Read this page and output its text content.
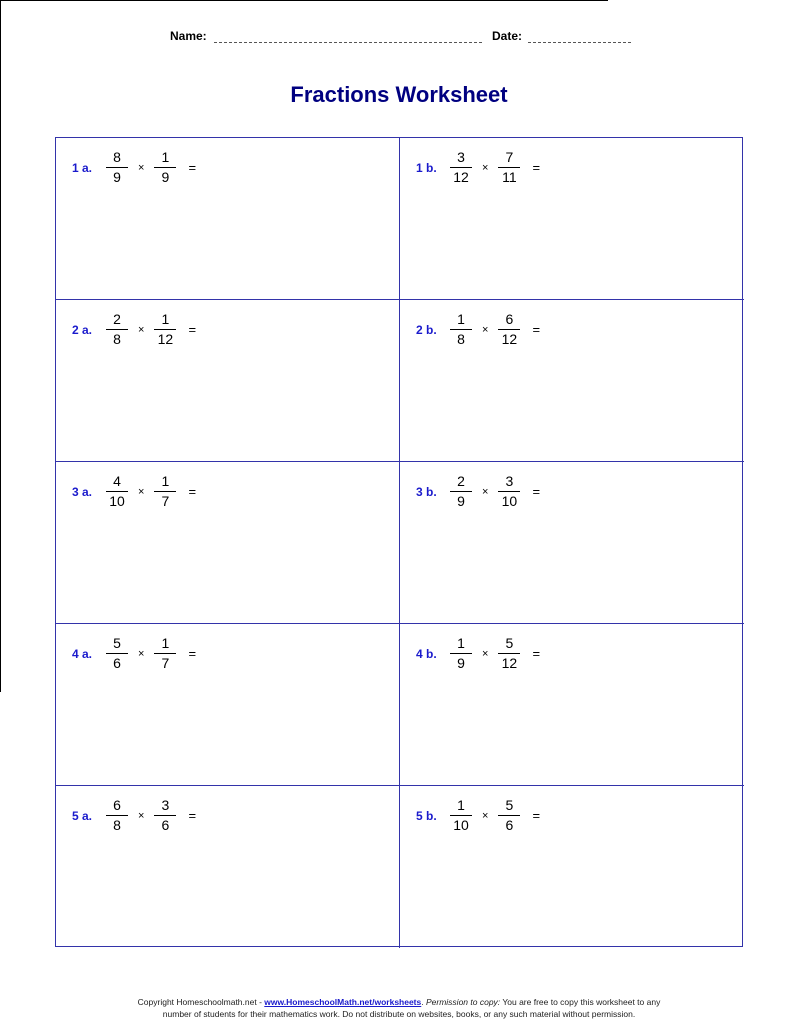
Name:	Date:
Fractions Worksheet
1 a. $\frac{8}{9} \times \frac{1}{9}$ =	1 b. $\frac{3}{12} \times \frac{7}{11}$ =
2 a. $\frac{2}{8} \times \frac{1}{12}$ =	2 b. $\frac{1}{8} \times \frac{6}{12}$ =
3 a. $\frac{4}{10} \times \frac{1}{7}$ =	3 b. $\frac{2}{9} \times \frac{3}{10}$ =
4 a. $\frac{5}{6} \times \frac{1}{7}$ =	4 b. $\frac{1}{9} \times \frac{5}{12}$ =
5 a. $\frac{6}{8} \times \frac{3}{6}$ =	5 b. $\frac{1}{10} \times \frac{5}{6}$ =
Copyright Homeschoolmath.net - www.HomeschoolMath.net/worksheets. Permission to copy: You are free to copy this worksheet to any
number of students for their mathematics work. Do not distribute on websites, books, or any such material without permission.
